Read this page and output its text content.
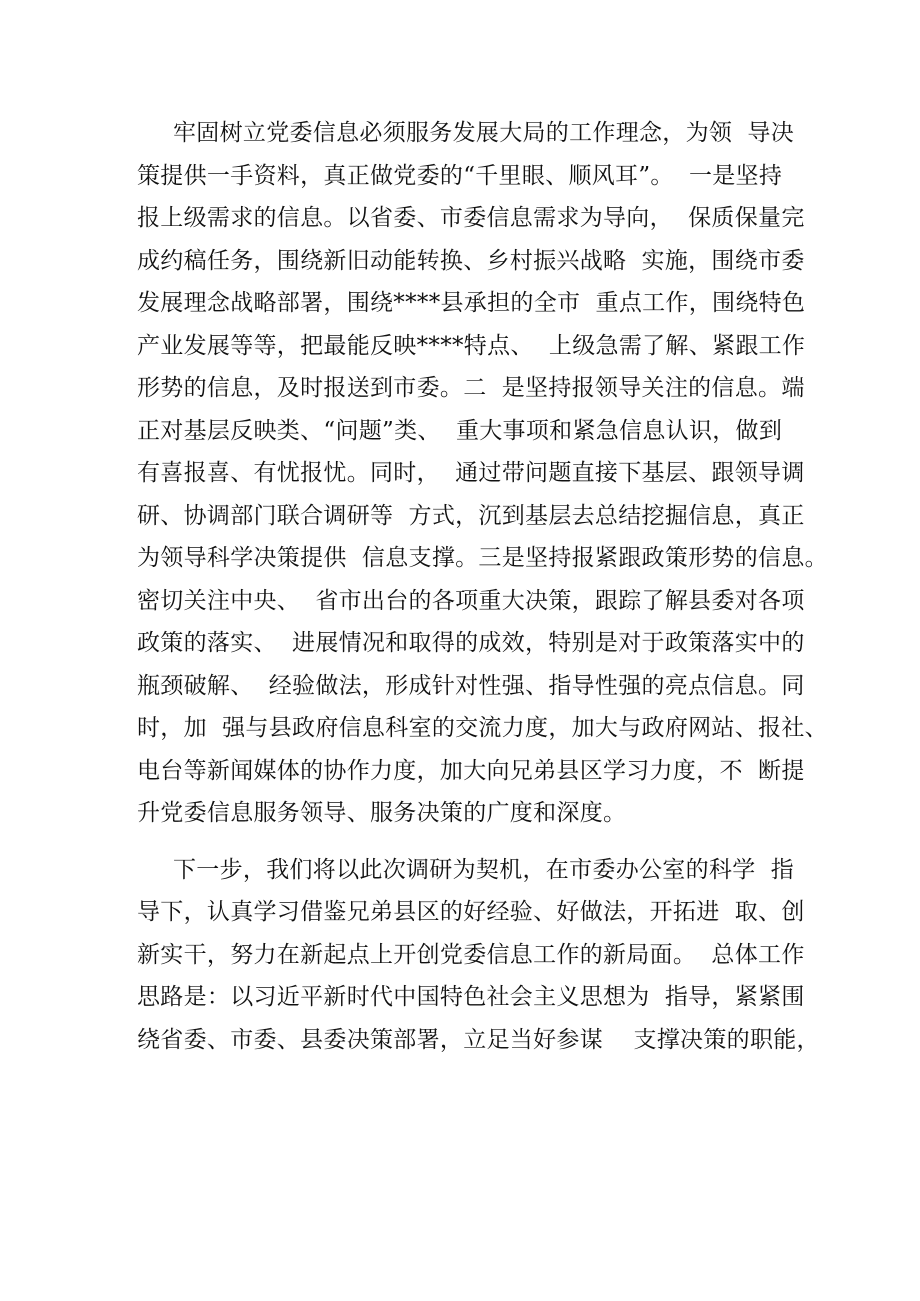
牢固树立党委信息必须服务发展大局的工作理念，为领  导决
策提供一手资料，真正做党委的“千里眼、顺风耳”。  一是坚持
报上级需求的信息。以省委、市委信息需求为导向，  保质保量完
成约稿任务，围绕新旧动能转换、乡村振兴战略  实施，围绕市委
发展理念战略部署，围绕****县承担的全市  重点工作，围绕特色
产业发展等等，把最能反映****特点、  上级急需了解、紧跟工作
形势的信息，及时报送到市委。二  是坚持报领导关注的信息。端
正对基层反映类、“问题”类、  重大事项和紧急信息认识，做到
有喜报喜、有忧报忧。同时，  通过带问题直接下基层、跟领导调
研、协调部门联合调研等  方式，沉到基层去总结挖掘信息，真正
为领导科学决策提供  信息支撑。三是坚持报紧跟政策形势的信息。
密切关注中央、  省市出台的各项重大决策，跟踪了解县委对各项
政策的落实、  进展情况和取得的成效，特别是对于政策落实中的
瓶颈破解、  经验做法，形成针对性强、指导性强的亮点信息。同
时，加  强与县政府信息科室的交流力度，加大与政府网站、报社、
电台等新闻媒体的协作力度，加大向兄弟县区学习力度，不  断提
升党委信息服务领导、服务决策的广度和深度。
下一步，我们将以此次调研为契机，在市委办公室的科学  指
导下，认真学习借鉴兄弟县区的好经验、好做法，开拓进  取、创
新实干，努力在新起点上开创党委信息工作的新局面。  总体工作
思路是：以习近平新时代中国特色社会主义思想为  指导，紧紧围
绕省委、市委、县委决策部署，立足当好参谋    支撑决策的职能，
